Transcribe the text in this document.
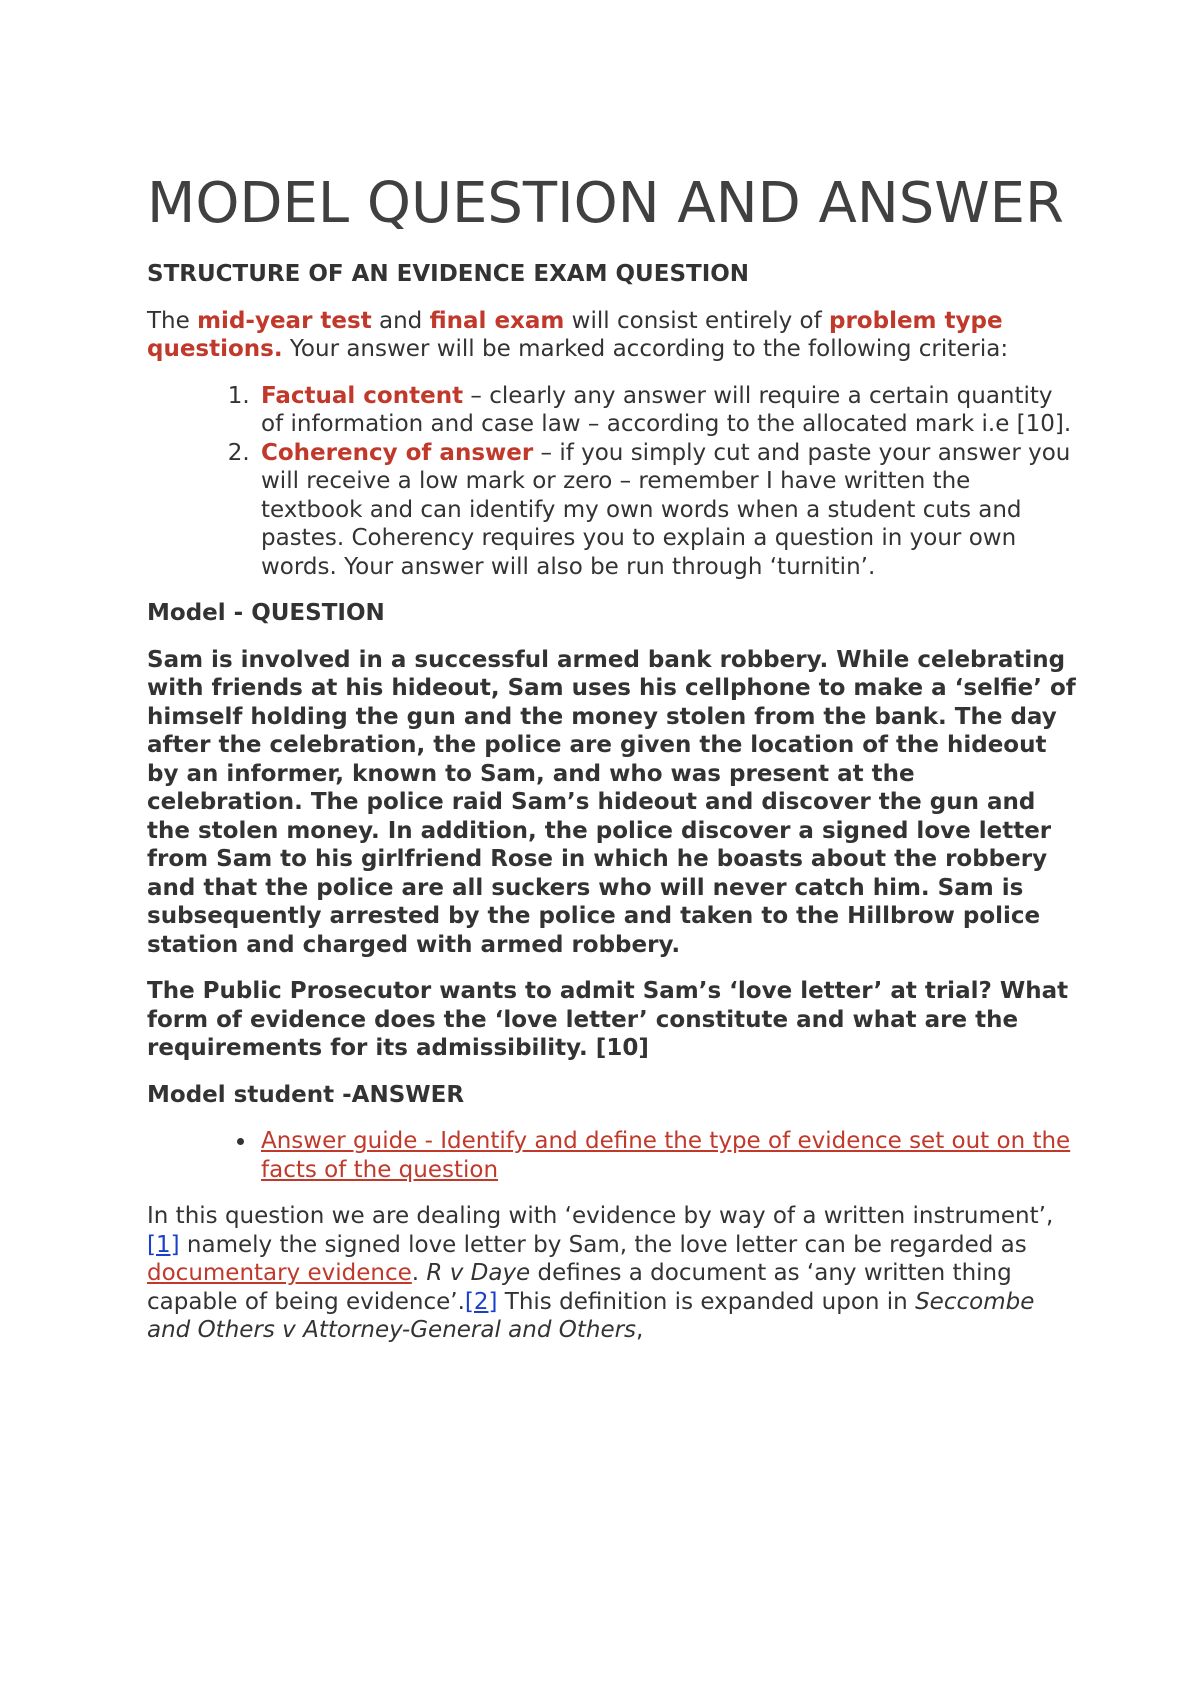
MODEL QUESTION AND ANSWER
STRUCTURE OF AN EVIDENCE EXAM QUESTION

The mid-year test and final exam will consist entirely of problem type questions. Your answer will be marked according to the following criteria:

1. Factual content – clearly any answer will require a certain quantity of information and case law – according to the allocated mark i.e [10].
2. Coherency of answer – if you simply cut and paste your answer you will receive a low mark or zero – remember I have written the textbook and can identify my own words when a student cuts and pastes. Coherency requires you to explain a question in your own words. Your answer will also be run through ‘turnitin’.
Model - QUESTION

Sam is involved in a successful armed bank robbery. While celebrating with friends at his hideout, Sam uses his cellphone to make a ‘selfie’ of himself holding the gun and the money stolen from the bank. The day after the celebration, the police are given the location of the hideout by an informer, known to Sam, and who was present at the celebration. The police raid Sam’s hideout and discover the gun and the stolen money. In addition, the police discover a signed love letter from Sam to his girlfriend Rose in which he boasts about the robbery and that the police are all suckers who will never catch him. Sam is subsequently arrested by the police and taken to the Hillbrow police station and charged with armed robbery.

The Public Prosecutor wants to admit Sam’s ‘love letter’ at trial? What form of evidence does the ‘love letter’ constitute and what are the requirements for its admissibility. [10]

Model student -ANSWER
• Answer guide - Identify and define the type of evidence set out on the facts of the question

In this question we are dealing with ‘evidence by way of a written instrument’,[1] namely the signed love letter by Sam, the love letter can be regarded as documentary evidence. R v Daye defines a document as ‘any written thing capable of being evidence’.[2] This definition is expanded upon in Seccombe and Others v Attorney-General and Others,
